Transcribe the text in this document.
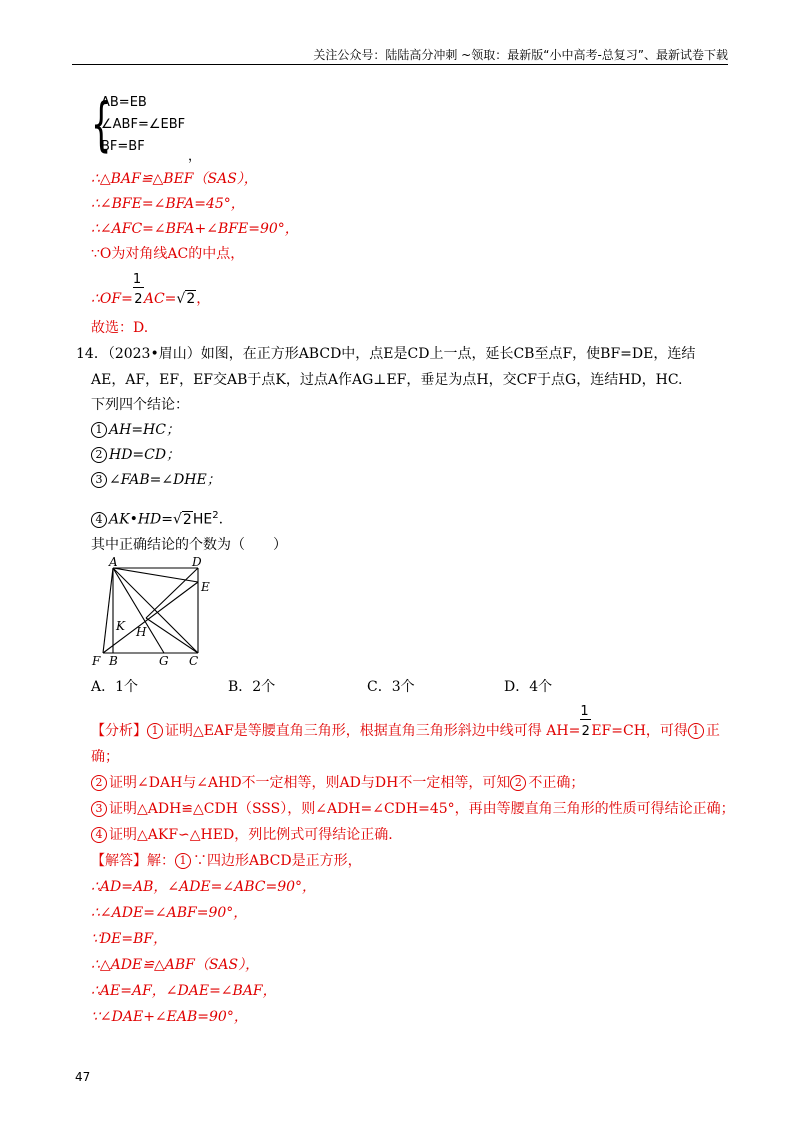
关注公众号：陆陆高分冲刺 ~领取：最新版“小中高考-总复习”、最新试卷下载
{
AB=EB
∠ABF=∠EBF
BF=BF
，
∴△BAF≌△BEF（SAS），
∴∠BFE=∠BFA=45°，
∴∠AFC=∠BFA+∠BFE=90°，
∵O为对角线AC的中点，
∴OF= $\frac{1}{2}AC=√2$，
故选：D.
14．（2023•眉山）如图，在正方形ABCD中，点E是CD上一点，延长CB至点F，使BF=DE，连结
AE，AF，EF，EF交AB于点K，过点A作AG⊥EF，垂足为点H，交CF于点G，连结HD，HC.
下列四个结论：
1 AH=HC；
2 HD=CD；
3 ∠FAB=∠DHE；
4 $AK•HD=√2HE^2$.
其中正确结论的个数为（　　）
A	D
E
K H
F B	G C
A．1个	B．2个	C．3个	D．4个
【分析】 1 证明△EAF是等腰直角三角形，根据直角三角形斜边中线可得 $AH= \frac{1}{2}EF=CH$，可得 1 正
确；
2 证明∠DAH与∠AHD不一定相等，则AD与DH不一定相等，可知 2 不正确；
3 证明△ADH≌△CDH（SSS），则∠ADH=∠CDH=45°，再由等腰直角三角形的性质可得结论正确；
4 证明△AKF∽△HED，列比例式可得结论正确.
【解答】解： 1 ∵四边形ABCD是正方形，
∴AD=AB，∠ADE=∠ABC=90°，
∴∠ADE=∠ABF=90°，
∵DE=BF，
∴△ADE≌△ABF（SAS），
∴AE=AF，∠DAE=∠BAF，
∵∠DAE+∠EAB=90°，
47
